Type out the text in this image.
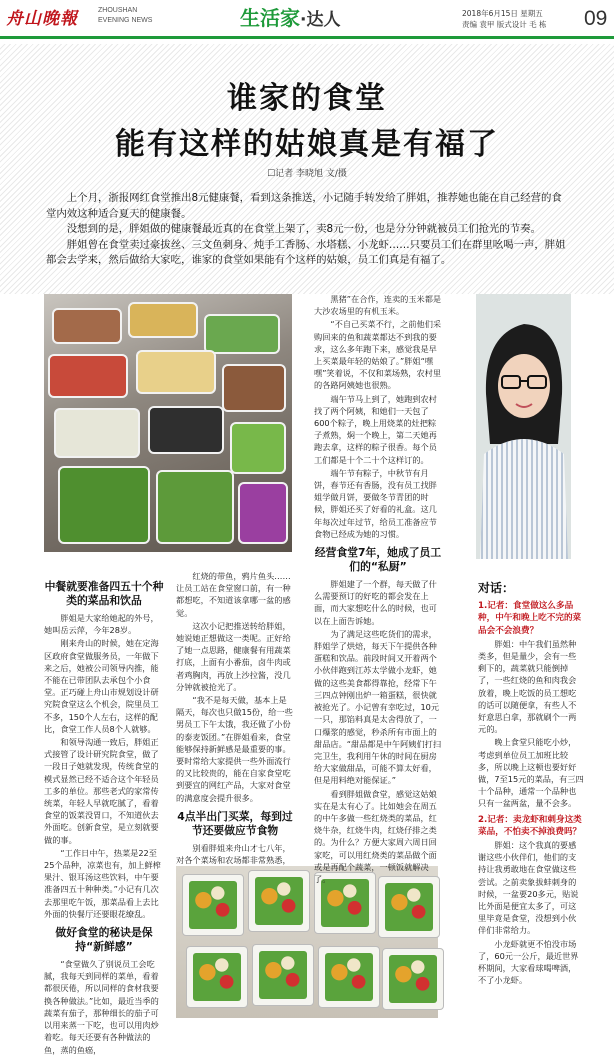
舟山晚報	ZHOUSHAN EVENING NEWS	生活家·达人	2018年6月15日 星期五
责编 袁甲 版式设计 毛 栋	09
谁家的食堂
能有这样的姑娘真是有福了
☐记者 李晓旭 文/摄

上个月，浙报网红食堂推出8元健康餐，看到这条推送，小记随手转发给了胖姐，推荐她也能在自己经营的食堂内效这种适合夏天的健康餐。

没想到的是，胖姐做的健康餐最近真的在食堂上架了，卖8元一份，也是分分钟就被员工们抢光的节奏。

胖姐曾在食堂卖过豪拔丝、三文鱼刺身、炖手工香肠、水塔糕、小龙虾……只要员工们在群里吆喝一声，胖姐都会去学来，然后做给大家吃，谁家的食堂如果能有个这样的姑娘，员工们真是有福了。

中餐就要准备四五十个种类的菜品和饮品

胖姐是大家给她起的外号，她叫岳云萍，今年28岁。

刚来舟山的时候，她在定海区政府食堂做服务员，一年做下来之后，她被公司领导内推，能不能在已带团队去承包个小食堂。正巧碰上舟山市规划设计研究院食堂这么个机会，院里员工不多，150个人左右，这样的配比，食堂工作人员8个人就够。

和领导沟通一致后，胖姐正式接管了设计研究院食堂，做了一段日子她就发现，传统食堂的模式显然已经不适合这个年轻员工多的单位。那些老式的家常传统菜，年轻人早就吃腻了，看着食堂的饭菜没胃口，不知道伙去外面吃。创新食堂，是立刻就要做的事。

“工作日中午，热菜是22至25个品种，凉菜也有，加上鲜榨果汁、银耳汤这些饮料，中午要准备四五十种种类。”小记有几次去那里吃午饭，那菜品看上去比外面的快餐厅还要眼花缭乱。

做好食堂的秘诀是保持“新鲜感”

“食堂做久了别说员工会吃腻，我每天到同样的菜单，看着都很厌倦，所以同样的食材我要换各种做法。”比如，最近当季的蔬菜有茄子，那种细长的茄子可以用来蒸一下吃，也可以用肉炒着吃。每天还要有各种做法的鱼，蒸的鱼癌，

红烧的带鱼，鸦片鱼头……让员工站在食堂窗口前，有一种都想吃，不知道该拿哪一盆的感觉。

这次小记把推送转给胖姐，她说她正想做这一类呢。正好给了她一点思路，健康餐有用蔬菜打底，上面有小番茄，卤牛肉或者鸡胸肉，再放上沙拉酱，没几分钟就被抢光了。

“我不是每天做，基本上是隔天，每次也只做15份，给一些男员工下午太饿，我还做了小份的泰麦饭团。”在胖姐看来，食堂能够保持新鲜感是最重要的事。要时常给大家提供一些外面流行的又比较贵的，能在自家食堂吃到要宜的网红产品，大家对食堂的满意度会提升很多。

4点半出门买菜，每到过节还要做应节食物

别看胖姐来舟山才七八年，对各个菜场和农场都非常熟悉，

黑猪”在合作，连卖的玉米都是大沙农场里的有机玉米。

“不自己买菜不行，之前他们采购回来的鱼和蔬菜都达不到我的要求，这么多年跑下来，感觉我是早上买菜最年轻的姑娘了。”胖姐“嘿嘿”笑着说，不仅和菜场熟，农村里的各路阿姨她也很熟。

端午节马上到了，她跑到农村找了两个阿姨，和她们一天包了600个粽子，晚上用烧菜的灶把粽子煮熟，焖一个晚上，第二天她再跑去拿，这样的粽子很香。每个员工们都是十个二十个这样订的。

端午节有粽子，中秋节有月饼，春节还有香肠，没有员工找胖姐学做月饼，要做冬节青团的时候，胖姐还买了好看的礼盒。这几年每次过年过节，给员工准备应节食物已经成为她的习惯。

经营食堂7年，她成了员工们的“私厨”

胖姐建了一个群，每天做了什么需要预订的好吃的都会发在上面，而大家想吃什么的时候，也可以在上面告诉她。

为了满足这些吃货们的需求，胖姐学了烘焙，每天下午提供各种蛋糕和饮品。前段时间又开着两个小伙伴跑到江苏太学做小龙虾，她做的这些美食都得靠抢，经常下午三四点钟刚出炉一箱蛋糕，很快就被抢光了。小记曾有幸吃过，10元一只，那馅料真是太舍得放了，一口爆浆的感觉，秒杀所有市面上的甜品店。“甜品都是中午阿姨们打扫完卫生，我利用午休的时间在厨房给大家做甜品，可能不算太好看，但是用料绝对能保证。”

看到胖姐做食堂，感觉这姑娘实在是太有心了。比如她会在周五的中午多做一些红烧类的菜品，红烧牛杂，红烧牛肉，红烧仔排之类的。为什么？方便大家周六周日回家吃，可以用红烧类的菜品做个面或是再配个蔬菜，一顿饭就解决了。

对话：

1.记者：食堂做这么多品种，中午和晚上吃不完的菜品会不会浪费？

胖姐：中午我们虽然种类多，但是量少，会有一些剩下的，蔬菜就只能倒掉了，一些红烧的鱼和肉我会放着，晚上吃饭的员工想吃的话可以随便拿，有些人不好意思白拿，那就刷个一两元的。

晚上食堂只能吃小炒，考虑到单位员工加班比较多，所以晚上这顿也要好好做，7至15元的菜品，有三四十个品种，通常一个品种也只有一盆两盆，量不会多。

2.记者：卖龙虾和刺身这类菜品，不怕卖不掉浪费吗？

胖姐：这个我真的要感谢这些小伙伴们，他们的支持让我勇敢地在食堂做这些尝试。之前卖象拔蚌刺身的时候，一盆要20多元，贴说比外面是便宜太多了，可这里毕竟是食堂，没想到小伙伴们非常给力。

小龙虾就更不怕没市场了，60元一公斤，最近世界杯期间，大家看球喝啤酒，不了小龙虾。
